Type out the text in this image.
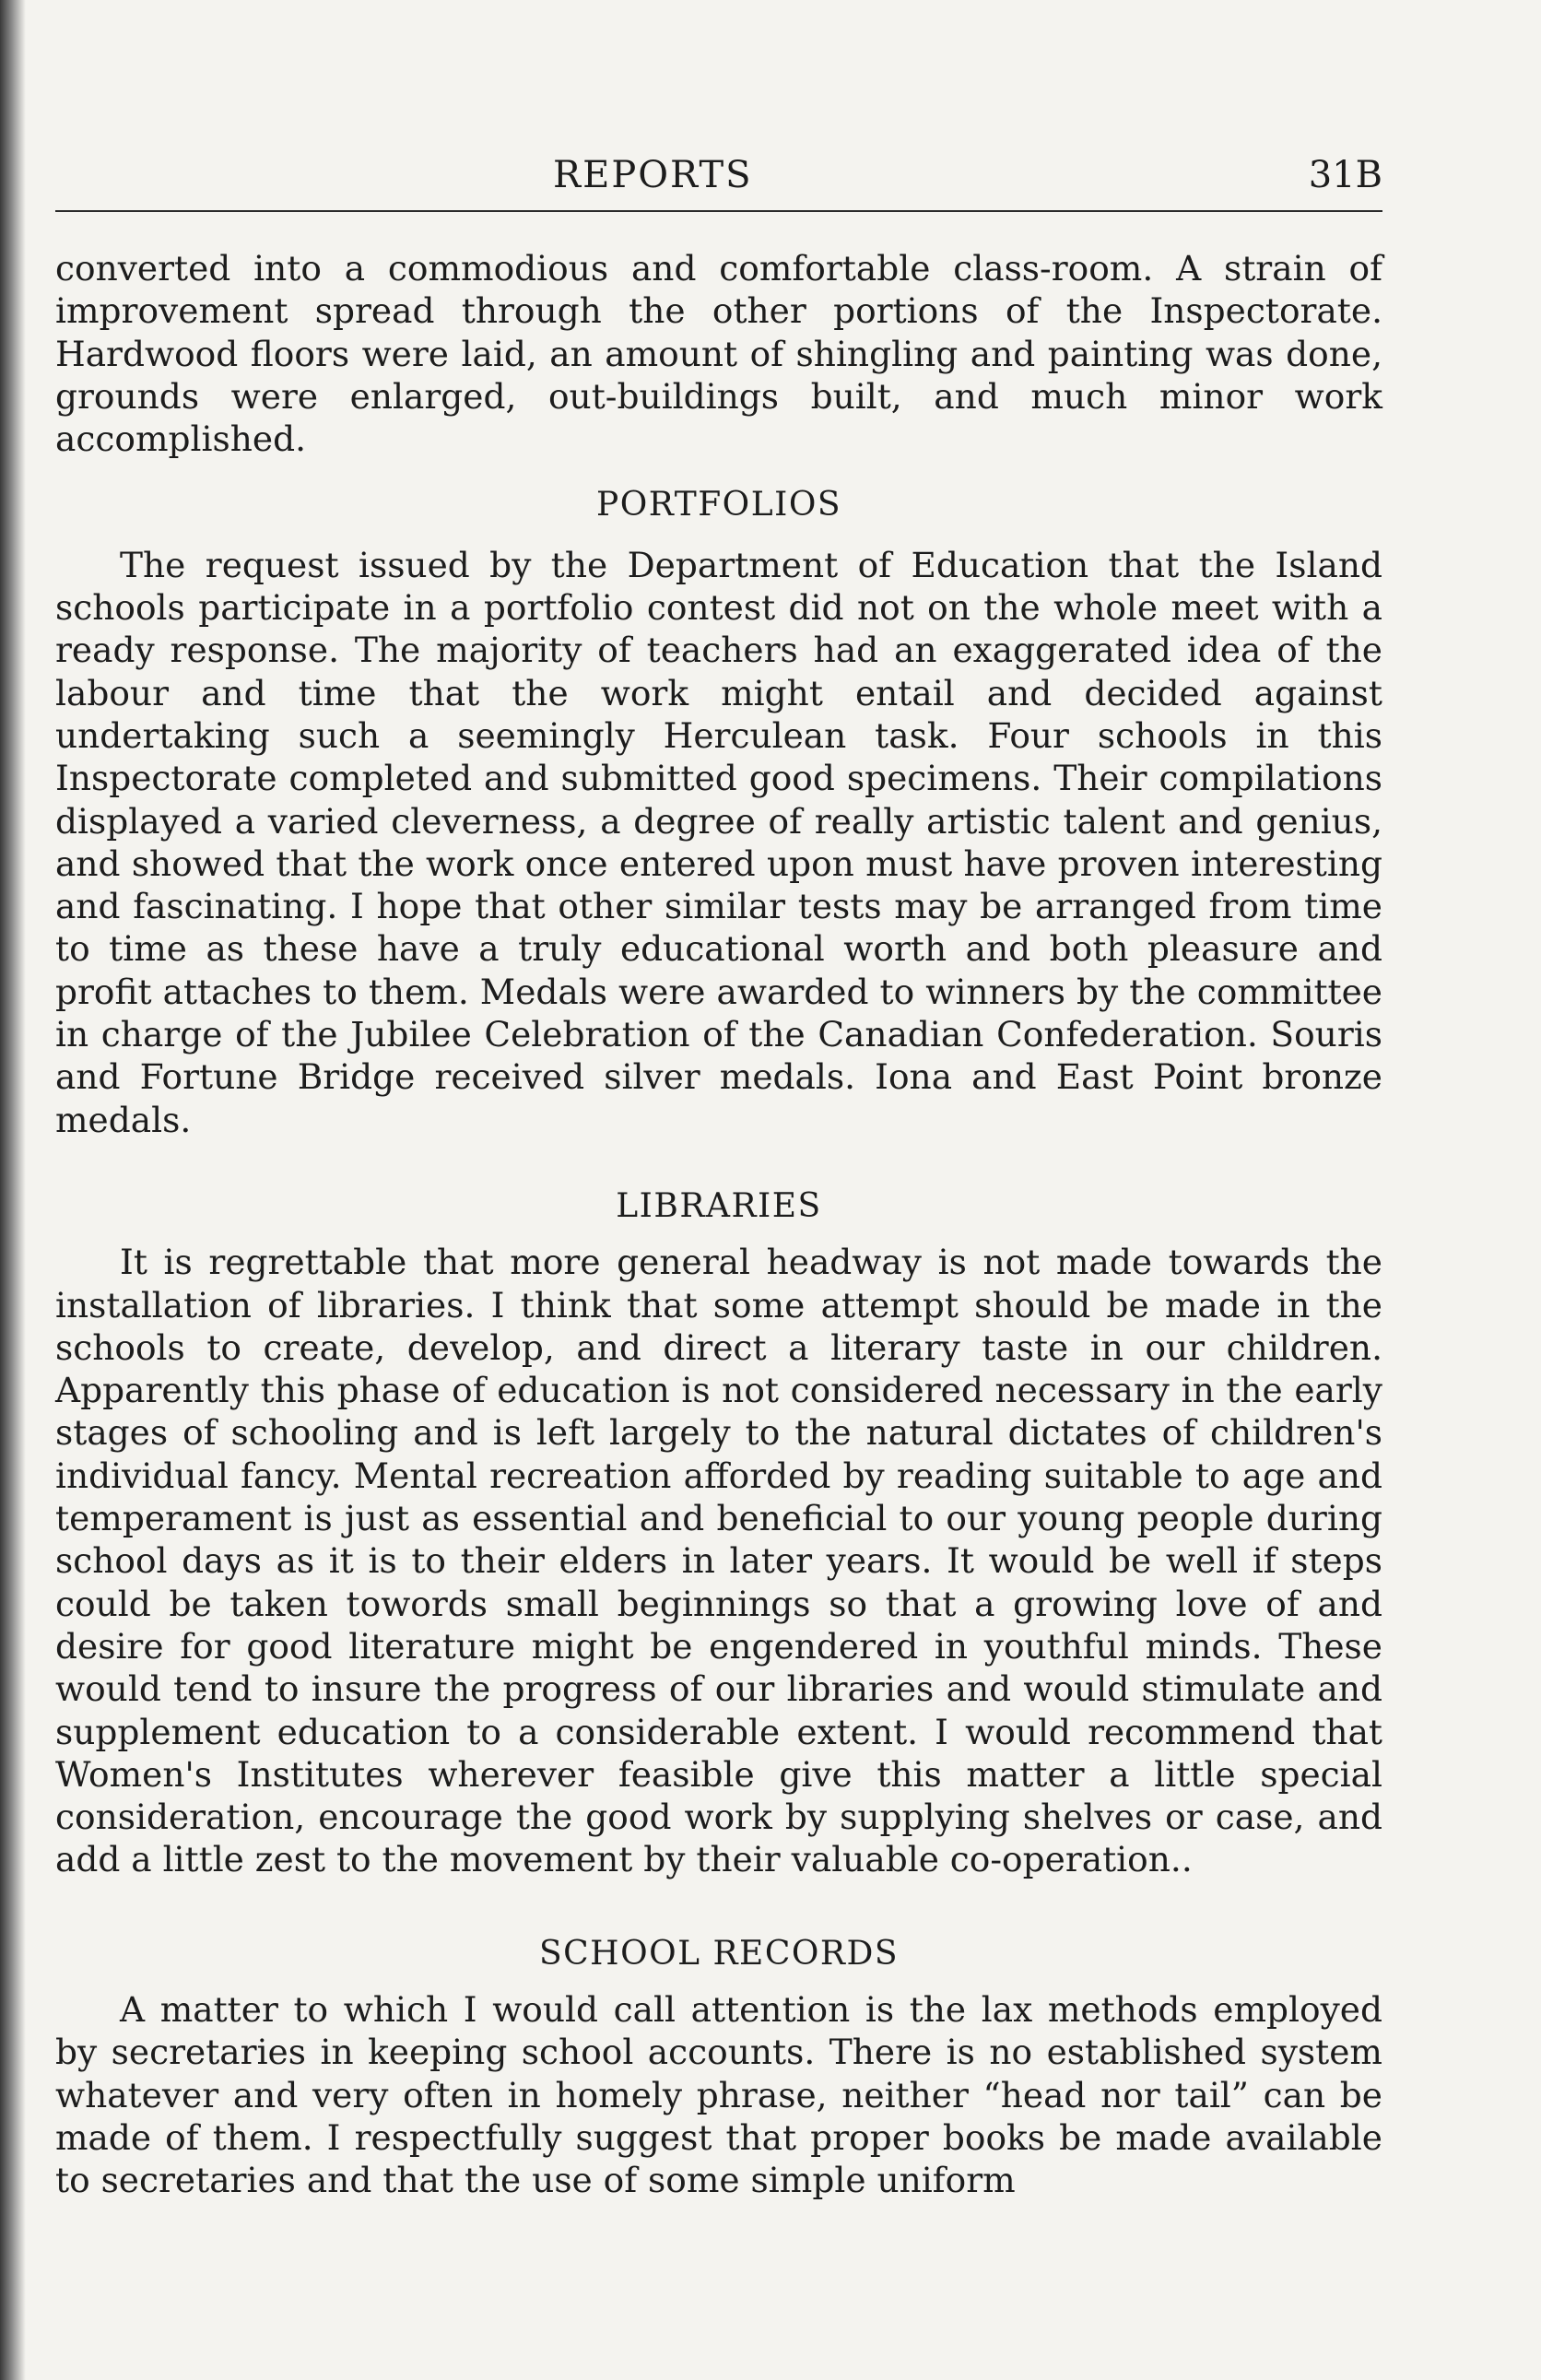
REPORTS	31B

converted into a commodious and comfortable class-room. A strain of improvement spread through the other portions of the Inspectorate. Hardwood floors were laid, an amount of shingling and painting was done, grounds were enlarged, out-buildings built, and much minor work accomplished.

PORTFOLIOS

The request issued by the Department of Education that the Island schools participate in a portfolio contest did not on the whole meet with a ready response. The majority of teachers had an exaggerated idea of the labour and time that the work might entail and decided against undertaking such a seemingly Herculean task. Four schools in this Inspectorate completed and submitted good specimens. Their compilations displayed a varied cleverness, a degree of really artistic talent and genius, and showed that the work once entered upon must have proven interesting and fascinating. I hope that other similar tests may be arranged from time to time as these have a truly educational worth and both pleasure and profit attaches to them. Medals were awarded to winners by the committee in charge of the Jubilee Celebration of the Canadian Confederation. Souris and Fortune Bridge received silver medals. Iona and East Point bronze medals.

LIBRARIES

It is regrettable that more general headway is not made towards the installation of libraries. I think that some attempt should be made in the schools to create, develop, and direct a literary taste in our children. Apparently this phase of education is not considered necessary in the early stages of schooling and is left largely to the natural dictates of children's individual fancy. Mental recreation afforded by reading suitable to age and temperament is just as essential and beneficial to our young people during school days as it is to their elders in later years. It would be well if steps could be taken towords small beginnings so that a growing love of and desire for good literature might be engendered in youthful minds. These would tend to insure the progress of our libraries and would stimulate and supplement education to a considerable extent. I would recommend that Women's Institutes wherever feasible give this matter a little special consideration, encourage the good work by supplying shelves or case, and add a little zest to the movement by their valuable co-operation..

SCHOOL RECORDS

A matter to which I would call attention is the lax methods employed by secretaries in keeping school accounts. There is no established system whatever and very often in homely phrase, neither “head nor tail” can be made of them. I respectfully suggest that proper books be made available to secretaries and that the use of some simple uniform
